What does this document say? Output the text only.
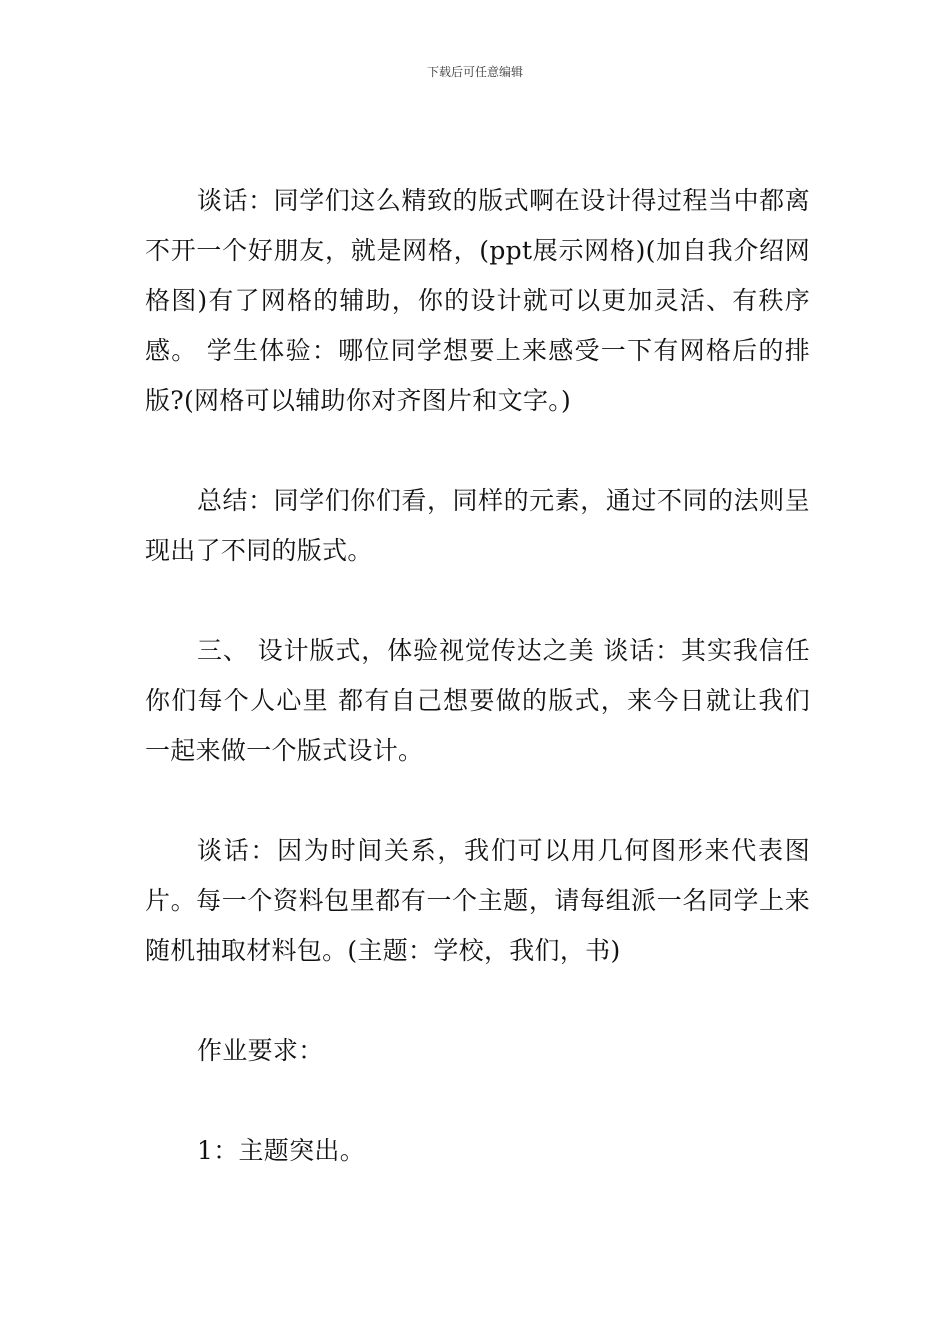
下载后可任意编辑

谈话：同学们这么精致的版式啊在设计得过程当中都离不开一个好朋友，就是网格，(ppt展示网格)(加自我介绍网格图)有了网格的辅助，你的设计就可以更加灵活、有秩序感。 学生体验：哪位同学想要上来感受一下有网格后的排版?(网格可以辅助你对齐图片和文字。)

总结：同学们你们看，同样的元素，通过不同的法则呈现出了不同的版式。

三、 设计版式，体验视觉传达之美 谈话：其实我信任你们每个人心里 都有自己想要做的版式，来今日就让我们一起来做一个版式设计。

谈话：因为时间关系，我们可以用几何图形来代表图片。每一个资料包里都有一个主题，请每组派一名同学上来随机抽取材料包。(主题：学校，我们，书)

作业要求：

1：主题突出。
